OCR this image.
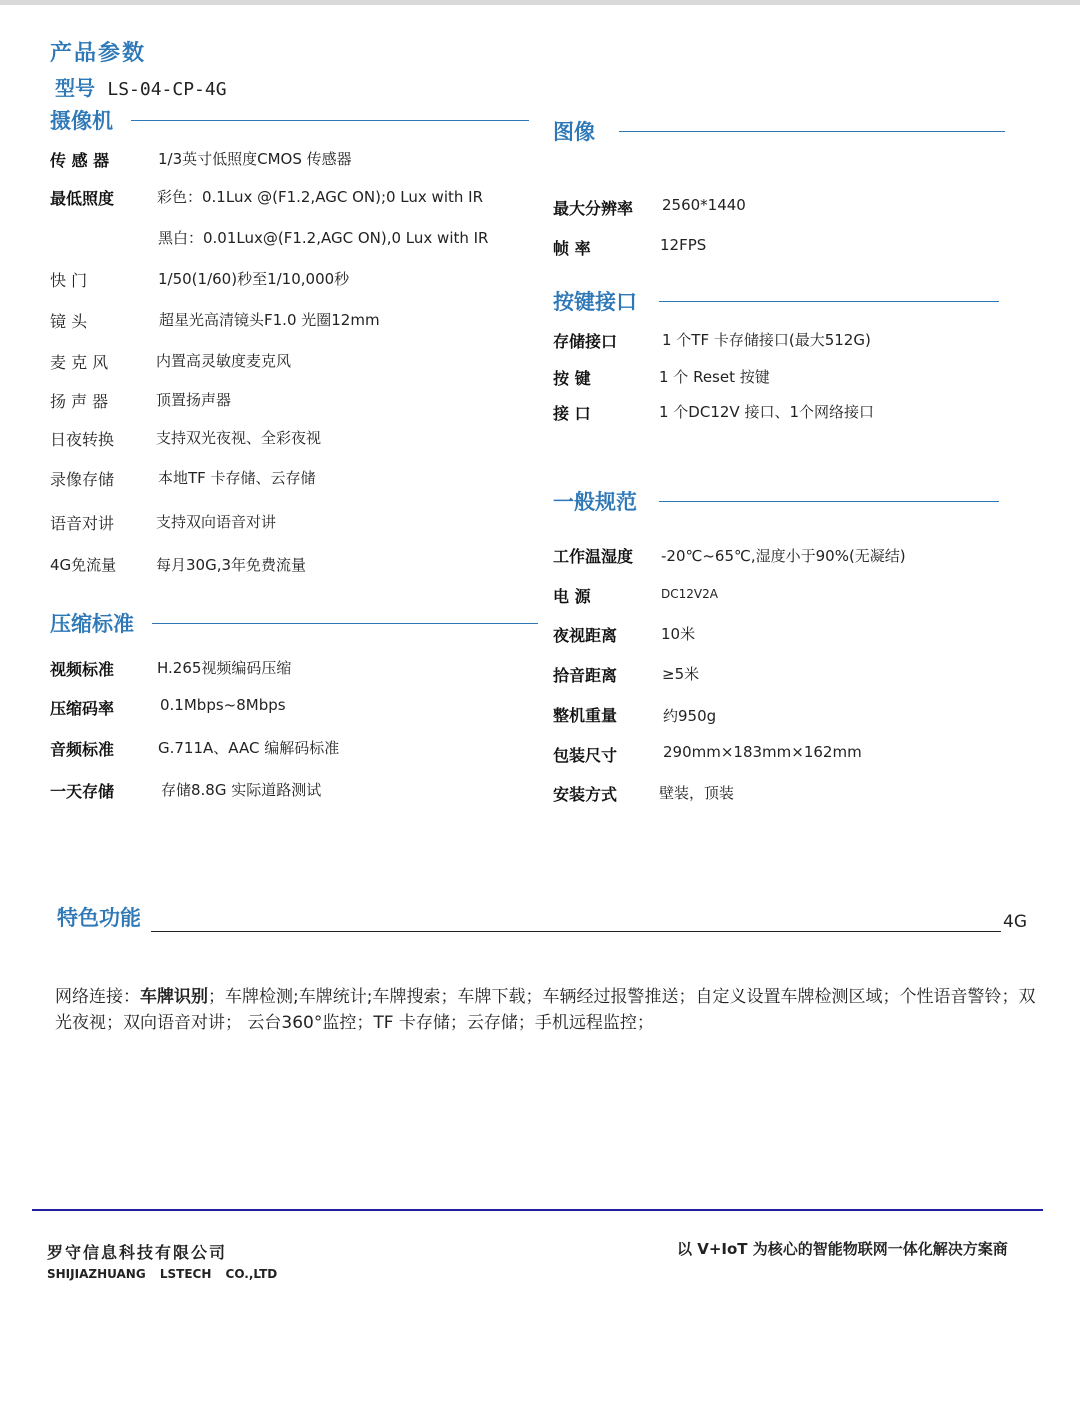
产品参数
型号 LS-04-CP-4G
摄像机
压缩标准
图像
按键接口
一般规范
传 感 器	1/3英寸低照度CMOS 传感器
最低照度	彩色：0.1Lux @(F1.2,AGC ON);0 Lux with IR
黑白：0.01Lux@(F1.2,AGC ON),0 Lux with IR
快 门	1/50(1/60)秒至1/10,000秒
镜 头	超星光高清镜头F1.0 光圈12mm
麦 克 风	内置高灵敏度麦克风
扬 声 器	顶置扬声器
日夜转换	支持双光夜视、全彩夜视
录像存储	本地TF 卡存储、云存储
语音对讲	支持双向语音对讲
4G免流量	每月30G,3年免费流量
视频标准	H.265视频编码压缩
压缩码率	0.1Mbps~8Mbps
音频标准	G.711A、AAC 编解码标准
一天存储	存储8.8G 实际道路测试
最大分辨率 2560*1440
帧 率	12FPS
存储接口	1 个TF 卡存储接口(最大512G)
按 键	1 个 Reset 按键
接 口	1 个DC12V 接口、1个网络接口
工作温湿度 -20℃~65℃,湿度小于90%(无凝结)
电 源	DC12V2A
夜视距离	10米
拾音距离	≥5米
整机重量	约950g
包装尺寸	290mm×183mm×162mm
安装方式	壁装，顶装
特色功能	4G
网络连接：车牌识别；车牌检测;车牌统计;车牌搜索；车牌下载；车辆经过报警推送；自定义设置车牌检测区域；个性语音警铃；双光夜视；双向语音对讲； 云台360°监控；TF 卡存储；云存储；手机远程监控；
罗守信息科技有限公司
SHIJIAZHUANG LSTECH CO.,LTD
以 V+IoT 为核心的智能物联网一体化解决方案商
